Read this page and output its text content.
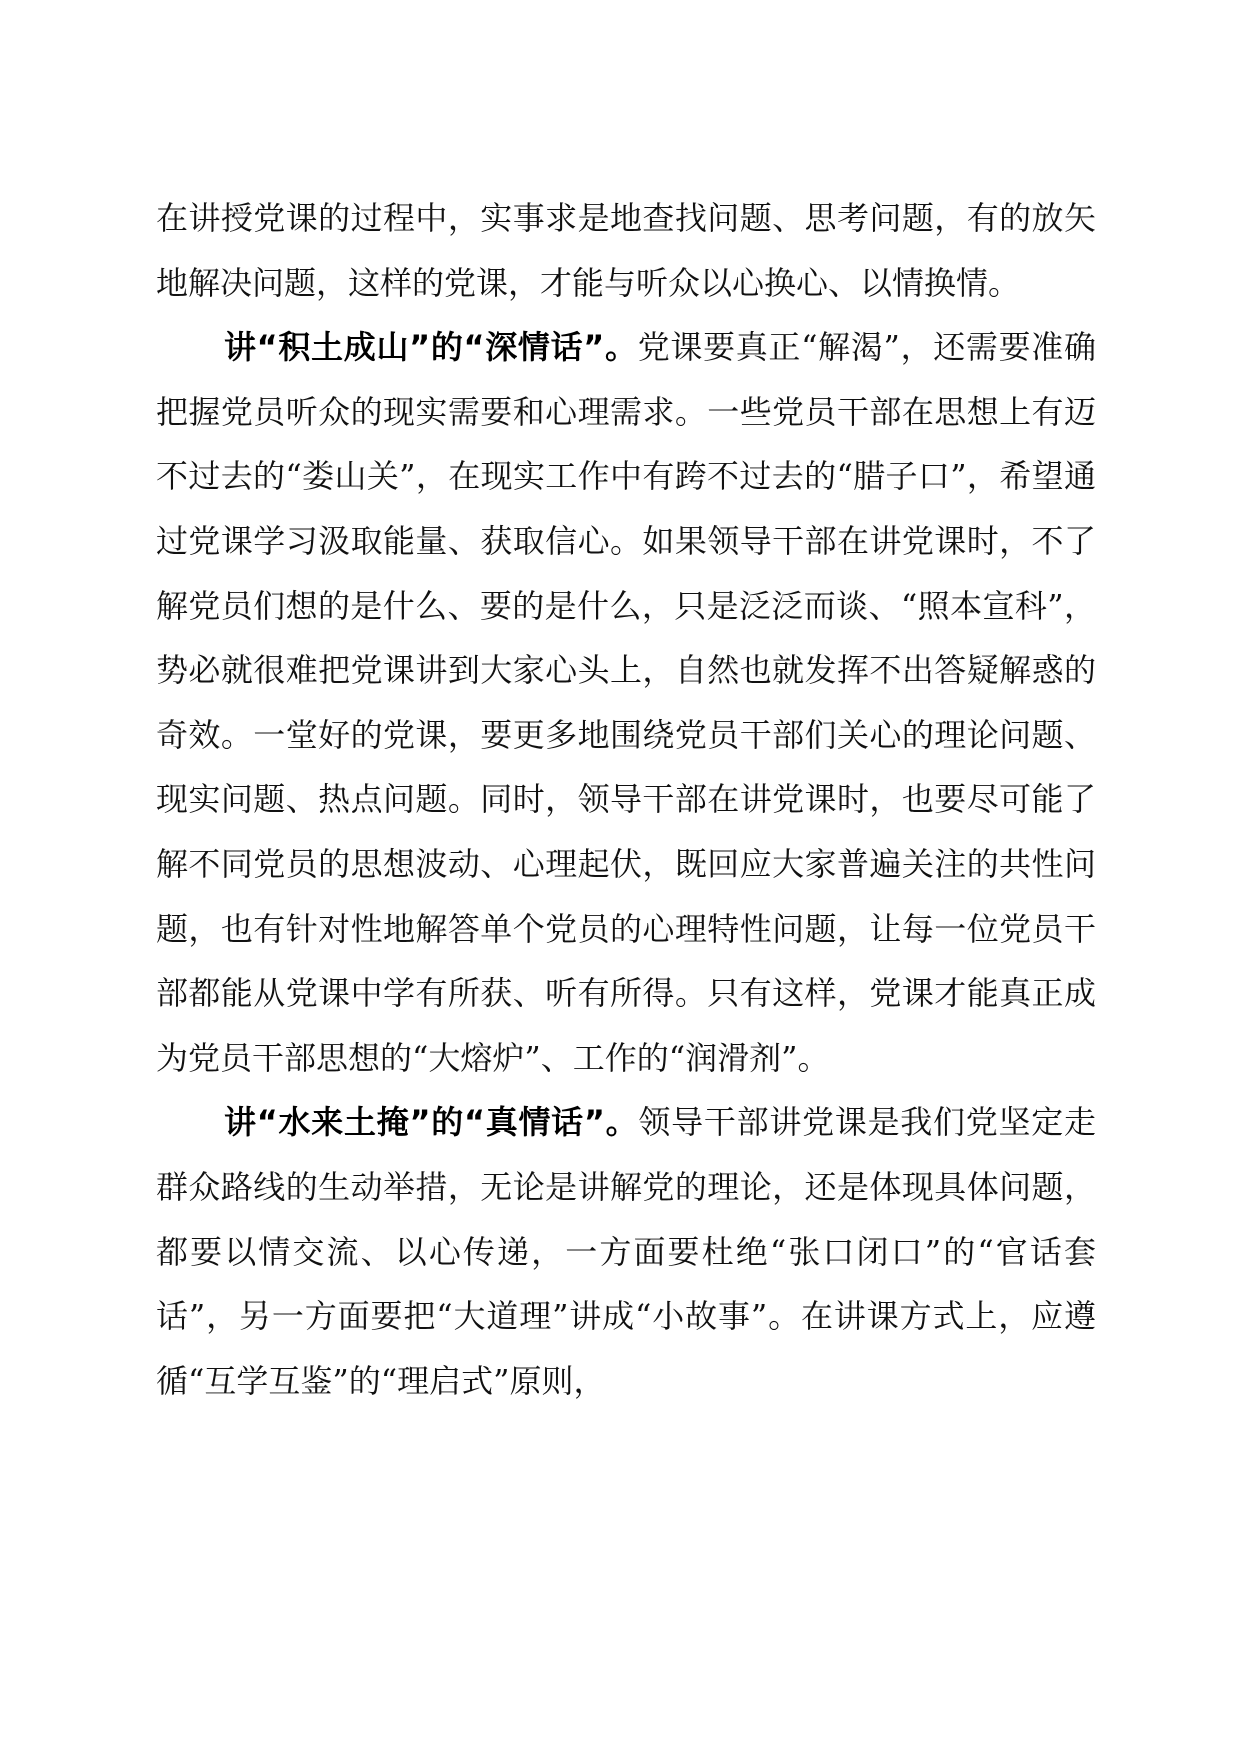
在讲授党课的过程中，实事求是地查找问题、思考问题，有的放矢地解决问题，这样的党课，才能与听众以心换心、以情换情。

讲“积土成山”的“深情话”。党课要真正“解渴”，还需要准确把握党员听众的现实需要和心理需求。一些党员干部在思想上有迈不过去的“娄山关”，在现实工作中有跨不过去的“腊子口”，希望通过党课学习汲取能量、获取信心。如果领导干部在讲党课时，不了解党员们想的是什么、要的是什么，只是泛泛而谈、“照本宣科”，势必就很难把党课讲到大家心头上，自然也就发挥不出答疑解惑的奇效。一堂好的党课，要更多地围绕党员干部们关心的理论问题、现实问题、热点问题。同时，领导干部在讲党课时，也要尽可能了解不同党员的思想波动、心理起伏，既回应大家普遍关注的共性问题，也有针对性地解答单个党员的心理特性问题，让每一位党员干部都能从党课中学有所获、听有所得。只有这样，党课才能真正成为党员干部思想的“大熔炉”、工作的“润滑剂”。

讲“水来土掩”的“真情话”。领导干部讲党课是我们党坚定走群众路线的生动举措，无论是讲解党的理论，还是体现具体问题，都要以情交流、以心传递，一方面要杜绝“张口闭口”的“官话套话”，另一方面要把“大道理”讲成“小故事”。在讲课方式上，应遵循“互学互鉴”的“理启式”原则，
